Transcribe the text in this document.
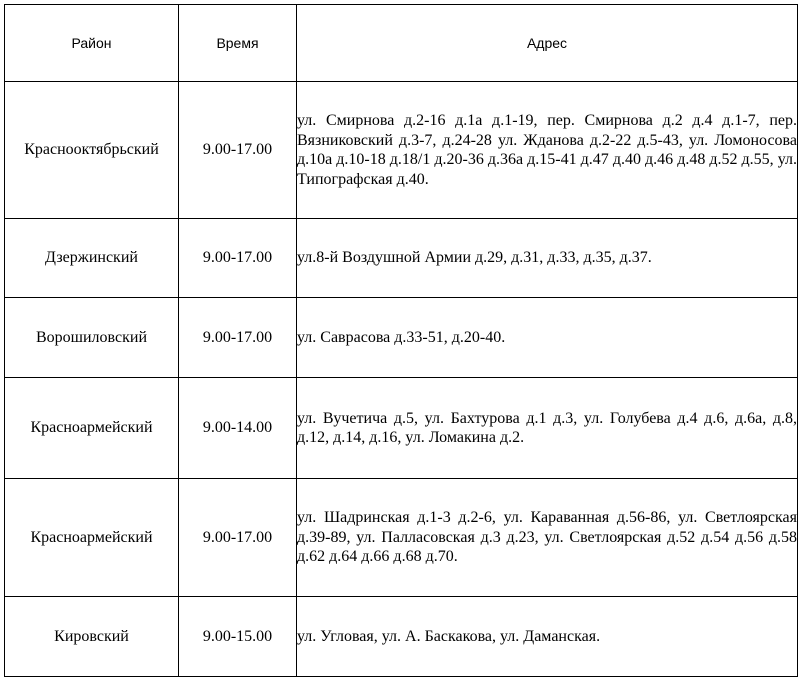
Район	Время	Адрес
Краснооктябрьский	9.00-17.00	ул. Смирнова д.2-16 д.1а д.1-19, пер. Смирнова д.2 д.4 д.1-7, пер. Вязниковский д.3-7, д.24-28 ул. Жданова д.2-22 д.5-43, ул. Ломоносова д.10а д.10-18 д.18/1 д.20-36 д.36а д.15-41 д.47 д.40 д.46 д.48 д.52 д.55, ул. Типографская д.40.
Дзержинский	9.00-17.00	ул.8-й Воздушной Армии д.29, д.31, д.33, д.35, д.37.
Ворошиловский	9.00-17.00	ул. Саврасова д.33-51, д.20-40.
Красноармейский	9.00-14.00	ул. Вучетича д.5, ул. Бахтурова д.1 д.3, ул. Голубева д.4 д.6, д.6а, д.8, д.12, д.14, д.16, ул. Ломакина д.2.
Красноармейский	9.00-17.00	ул. Шадринская д.1-3 д.2-6, ул. Караванная д.56-86, ул. Светлоярская д.39-89, ул. Палласовская д.3 д.23, ул. Светлоярская д.52 д.54 д.56 д.58 д.62 д.64 д.66 д.68 д.70.
Кировский	9.00-15.00	ул. Угловая, ул. А. Баскакова, ул. Даманская.
